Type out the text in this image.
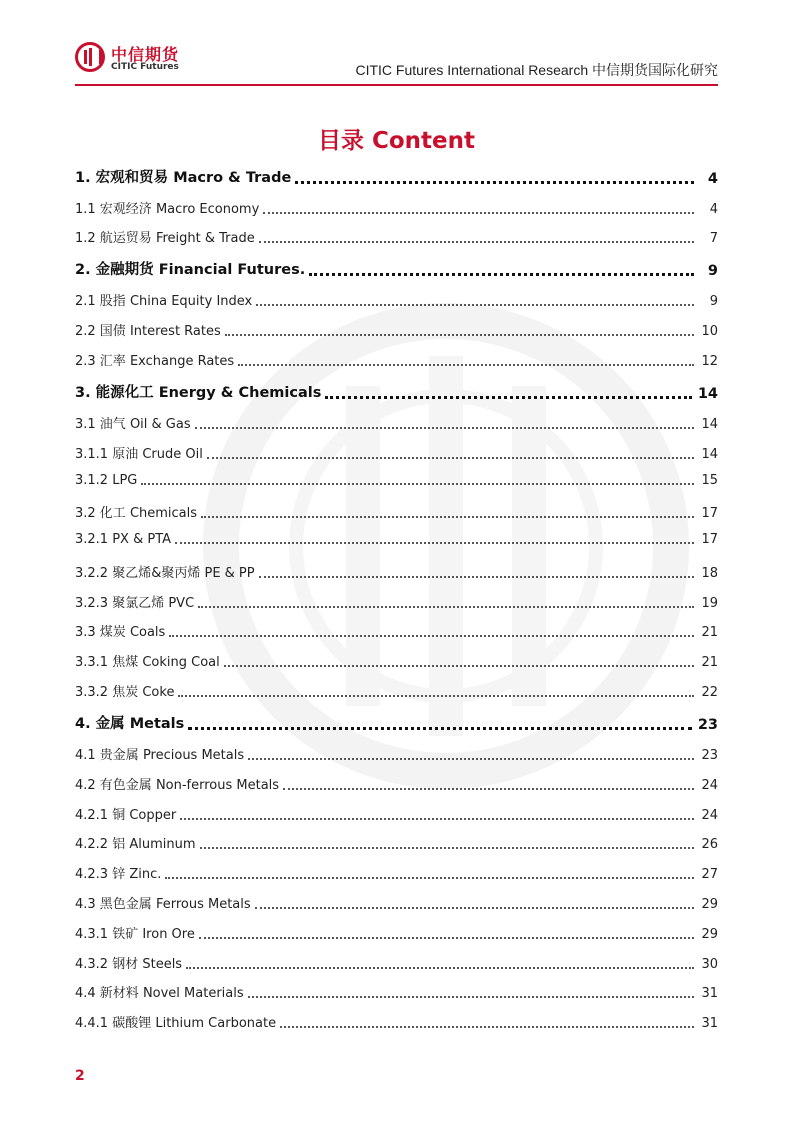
中信期货
CITIC Futures	CITIC Futures International Research 中信期货国际化研究
目录 Content
1. 宏观和贸易 Macro & Trade	4
1.1 宏观经济 Macro Economy	4
1.2 航运贸易 Freight & Trade	7
2. 金融期货 Financial Futures.	9
2.1 股指 China Equity Index	9
2.2 国债 Interest Rates	10
2.3 汇率 Exchange Rates	12
3. 能源化工 Energy & Chemicals	14
3.1 油气 Oil & Gas	14
3.1.1 原油 Crude Oil	14
3.1.2 LPG	15
3.2 化工 Chemicals	17
3.2.1 PX & PTA	17
3.2.2 聚乙烯&聚丙烯 PE & PP	18
3.2.3 聚氯乙烯 PVC	19
3.3 煤炭 Coals	21
3.3.1 焦煤 Coking Coal	21
3.3.2 焦炭 Coke	22
4. 金属 Metals	23
4.1 贵金属 Precious Metals	23
4.2 有色金属 Non-ferrous Metals	24
4.2.1 铜 Copper	24
4.2.2 铝 Aluminum	26
4.2.3 锌 Zinc.	27
4.3 黑色金属 Ferrous Metals	29
4.3.1 铁矿 Iron Ore	29
4.3.2 钢材 Steels	30
4.4 新材料 Novel Materials	31
4.4.1 碳酸锂 Lithium Carbonate	31
2
